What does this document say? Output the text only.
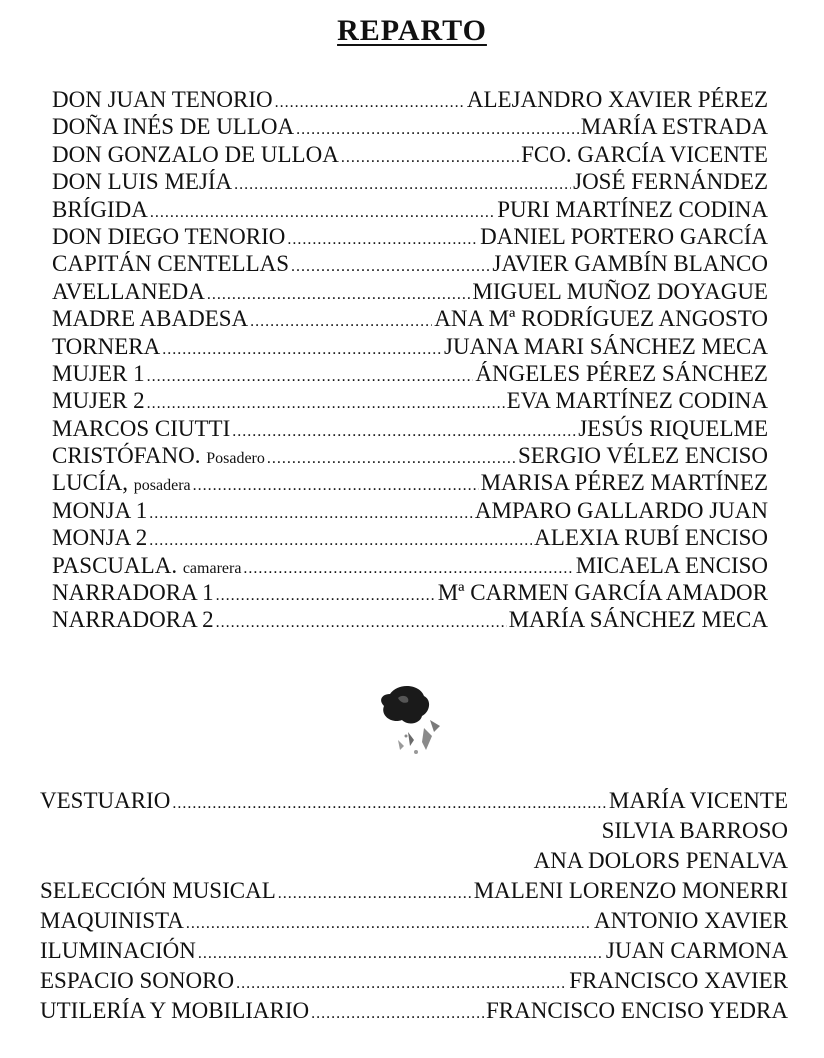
REPARTO
DON JUAN TENORIO .....	ALEJANDRO XAVIER PÉREZ
DOÑA INÉS DE ULLOA .....	MARÍA ESTRADA
DON GONZALO DE ULLOA .....	FCO. GARCÍA VICENTE
DON LUIS MEJÍA .....	JOSÉ FERNÁNDEZ
BRÍGIDA .....	PURI MARTÍNEZ CODINA
DON DIEGO TENORIO .....	DANIEL PORTERO GARCÍA
CAPITÁN CENTELLAS .....	JAVIER GAMBÍN BLANCO
AVELLANEDA .....	MIGUEL MUÑOZ DOYAGUE
MADRE ABADESA .....	ANA Mª RODRÍGUEZ ANGOSTO
TORNERA .....	JUANA MARI SÁNCHEZ MECA
MUJER 1 .....	ÁNGELES PÉREZ SÁNCHEZ
MUJER 2 .....	EVA MARTÍNEZ CODINA
MARCOS CIUTTI .....	JESÚS RIQUELME
CRISTÓFANO. Posadero .....	SERGIO VÉLEZ ENCISO
LUCÍA, posadera .....	MARISA PÉREZ MARTÍNEZ
MONJA 1 .....	AMPARO GALLARDO JUAN
MONJA 2 .....	ALEXIA RUBÍ ENCISO
PASCUALA. camarera .....	MICAELA ENCISO
NARRADORA 1 .....	Mª CARMEN GARCÍA AMADOR
NARRADORA 2 .....	MARÍA SÁNCHEZ MECA
VESTUARIO .....	MARÍA VICENTE
SILVIA BARROSO
ANA DOLORS PENALVA
SELECCIÓN MUSICAL .....	MALENI LORENZO MONERRI
MAQUINISTA .....	ANTONIO XAVIER
ILUMINACIÓN .....	JUAN CARMONA
ESPACIO SONORO .....	FRANCISCO XAVIER
UTILERÍA Y MOBILIARIO .....	FRANCISCO ENCISO YEDRA
